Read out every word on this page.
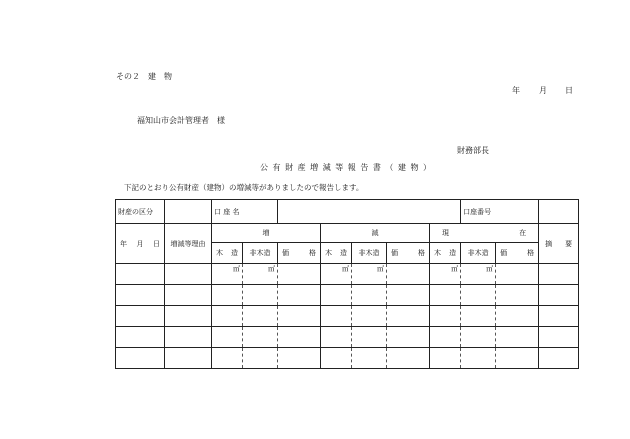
その２　建　物
年 月 日
福知山市会計管理者　様
財務部長
公 有 財 産 増 減 等 報 告 書 （ 建 物 ）
下記のとおり公有財産（建物）の増減等がありましたので報告します。
財産の区分		口 座 名							口座番号		

年 月 日	増減等理由	増			減			現 在			摘 要

		木 造	非木造	価 格	木 造	非木造	価 格	木 造	非木造	価 格	

		㎡	㎡		㎡	㎡		㎡	㎡		
